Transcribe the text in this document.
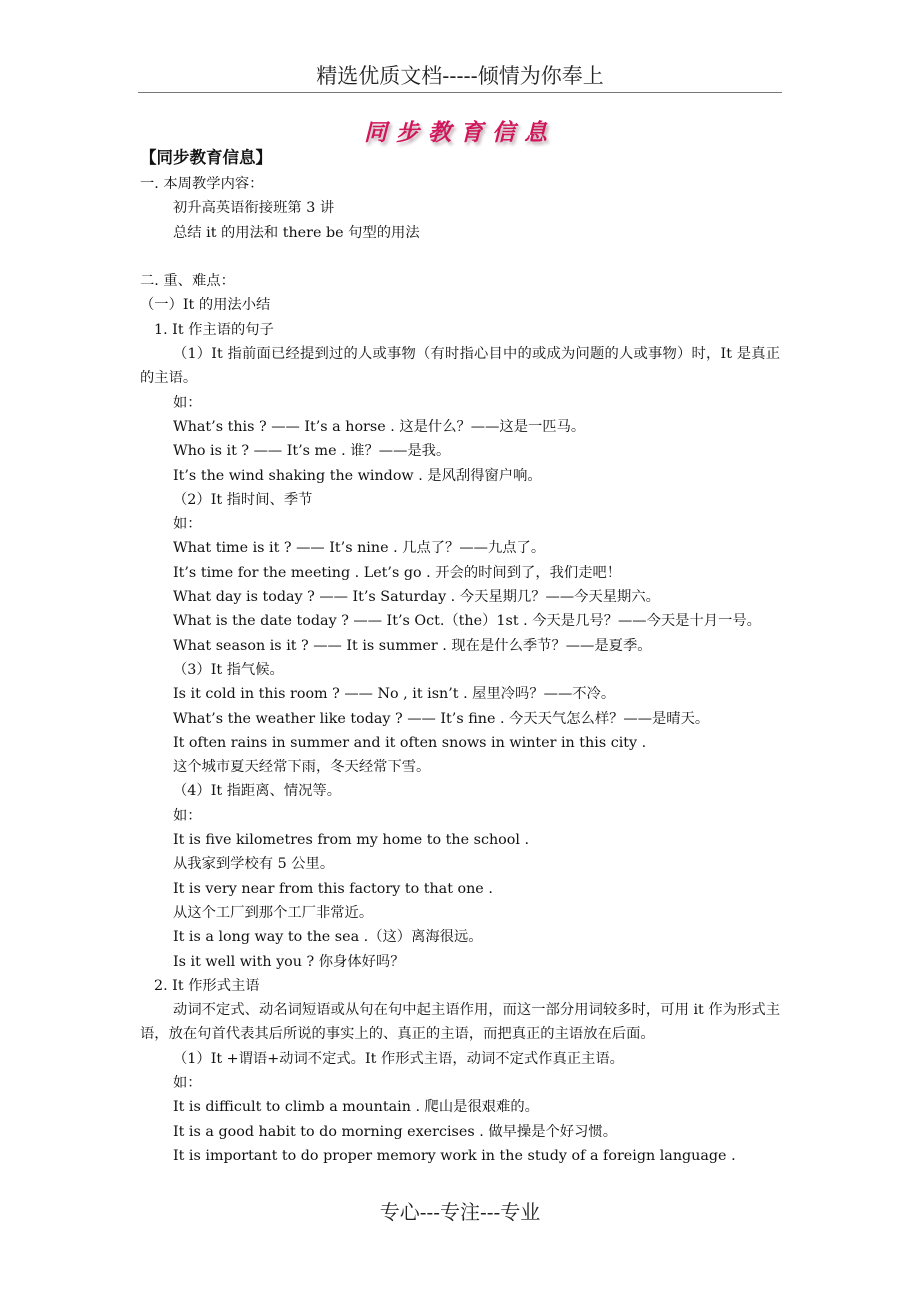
精选优质文档-----倾情为你奉上
同步教育信息

【同步教育信息】

一. 本周教学内容：

初升高英语衔接班第 3 讲

总结 it 的用法和 there be 句型的用法

二. 重、难点：

（一）It 的用法小结

1. It 作主语的句子

（1）It 指前面已经提到过的人或事物（有时指心目中的或成为问题的人或事物）时，It 是真正的主语。

如：

What’s this ? —— It’s a horse . 这是什么？——这是一匹马。

Who is it ? —— It’s me . 谁？——是我。

It’s the wind shaking the window . 是风刮得窗户响。

（2）It 指时间、季节

如：

What time is it ? —— It’s nine . 几点了？——九点了。

It’s time for the meeting . Let’s go . 开会的时间到了，我们走吧！

What day is today ? —— It’s Saturday . 今天星期几？——今天星期六。

What is the date today ? —— It’s Oct.（the）1st . 今天是几号？——今天是十月一号。

What season is it ? —— It is summer . 现在是什么季节？——是夏季。

（3）It 指气候。

Is it cold in this room ? —— No , it isn’t . 屋里冷吗？——不冷。

What’s the weather like today ? —— It’s fine . 今天天气怎么样？——是晴天。

It often rains in summer and it often snows in winter in this city .

这个城市夏天经常下雨，冬天经常下雪。

（4）It 指距离、情况等。

如：

It is five kilometres from my home to the school .

从我家到学校有 5 公里。

It is very near from this factory to that one .

从这个工厂到那个工厂非常近。

It is a long way to the sea .（这）离海很远。

Is it well with you ? 你身体好吗？

2. It 作形式主语

动词不定式、动名词短语或从句在句中起主语作用，而这一部分用词较多时，可用 it 作为形式主语，放在句首代表其后所说的事实上的、真正的主语，而把真正的主语放在后面。

（1）It +谓语+动词不定式。It 作形式主语，动词不定式作真正主语。

如：

It is difficult to climb a mountain . 爬山是很艰难的。

It is a good habit to do morning exercises . 做早操是个好习惯。

It is important to do proper memory work in the study of a foreign language .

专心---专注---专业
